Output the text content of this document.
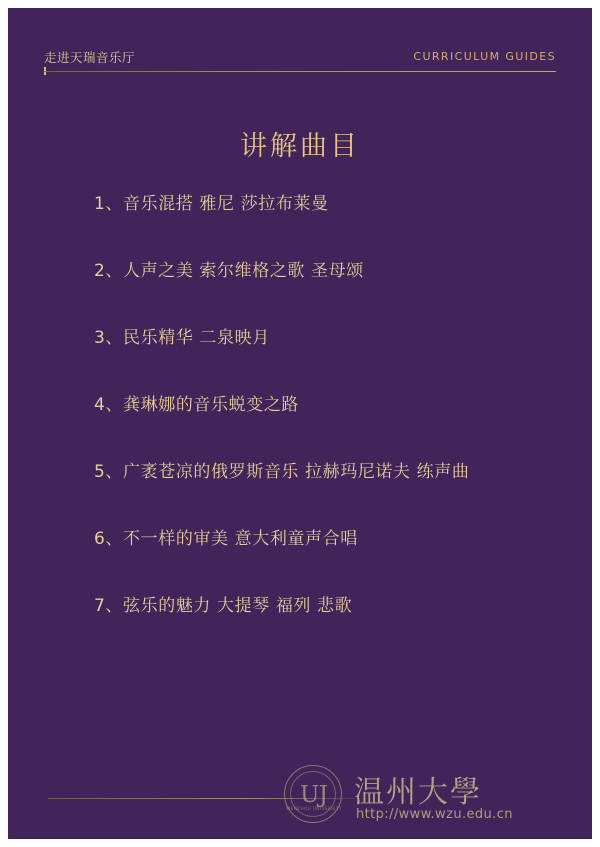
走进天瑞音乐厅	CURRICULUM GUIDES
讲解曲目
1、音乐混搭 雅尼 莎拉布莱曼
2、人声之美 索尔维格之歌 圣母颂
3、民乐精华 二泉映月
4、龚琳娜的音乐蜕变之路
5、广袤苍凉的俄罗斯音乐 拉赫玛尼诺夫 练声曲
6、不一样的审美 意大利童声合唱
7、弦乐的魅力 大提琴 福列 悲歌
UJ
WENZHOU UNIVERSITY 温州大學
http://www.wzu.edu.cn
